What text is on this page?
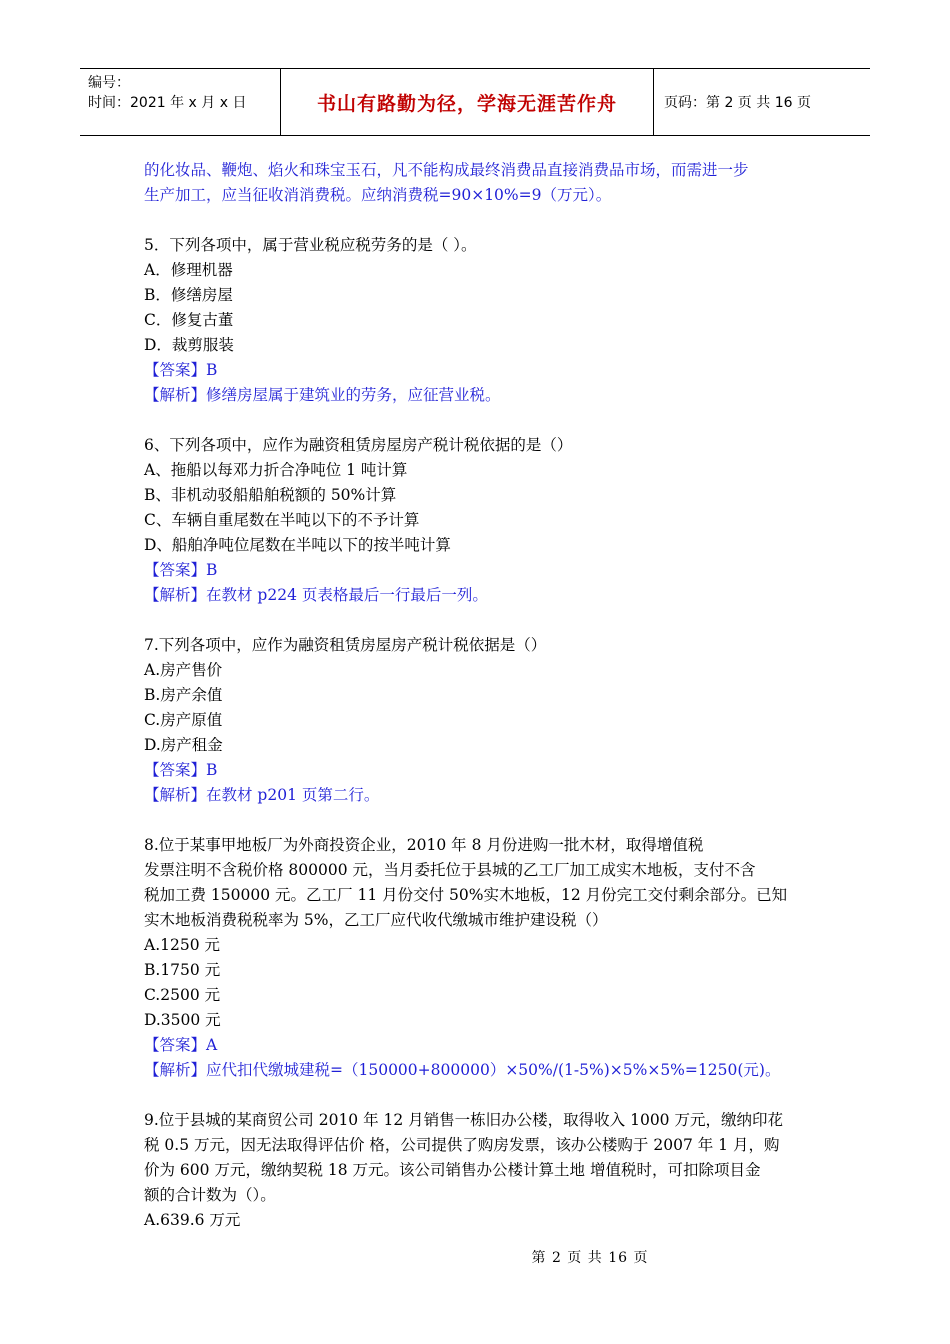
编号：
时间：2021 年 x 月 x 日	书山有路勤为径，学海无涯苦作舟	页码：第 2 页 共 16 页
的化妆品、鞭炮、焰火和珠宝玉石，凡不能构成最终消费品直接消费品市场，而需进一步
生产加工，应当征收消消费税。应纳消费税=90×10%=9（万元）。
5．下列各项中，属于营业税应税劳务的是（ ）。
A．修理机器
B．修缮房屋
C．修复古董
D．裁剪服装
【答案】B
【解析】修缮房屋属于建筑业的劳务，应征营业税。
6、下列各项中，应作为融资租赁房屋房产税计税依据的是（）
A、拖船以每邓力折合净吨位 1 吨计算
B、非机动驳船船舶税额的 50%计算
C、车辆自重尾数在半吨以下的不予计算
D、船舶净吨位尾数在半吨以下的按半吨计算
【答案】B
【解析】在教材 p224 页表格最后一行最后一列。
7.下列各项中，应作为融资租赁房屋房产税计税依据是（）
A.房产售价
B.房产余值
C.房产原值
D.房产租金
【答案】B
【解析】在教材 p201 页第二行。
8.位于某事甲地板厂为外商投资企业，2010 年 8 月份进购一批木材，取得增值税
发票注明不含税价格 800000 元，当月委托位于县城的乙工厂加工成实木地板，支付不含
税加工费 150000 元。乙工厂 11 月份交付 50%实木地板，12 月份完工交付剩余部分。已知
实木地板消费税税率为 5%，乙工厂应代收代缴城市维护建设税（）
A.1250 元
B.1750 元
C.2500 元
D.3500 元
【答案】A
【解析】应代扣代缴城建税=（150000+800000）×50%/(1-5%)×5%×5%=1250(元)。
9.位于县城的某商贸公司 2010 年 12 月销售一栋旧办公楼，取得收入 1000 万元，缴纳印花
税 0.5 万元，因无法取得评估价 格，公司提供了购房发票，该办公楼购于 2007 年 1 月，购
价为 600 万元，缴纳契税 18 万元。该公司销售办公楼计算土地 增值税时，可扣除项目金
额的合计数为（）。
A.639.6 万元
第 2 页 共 16 页
